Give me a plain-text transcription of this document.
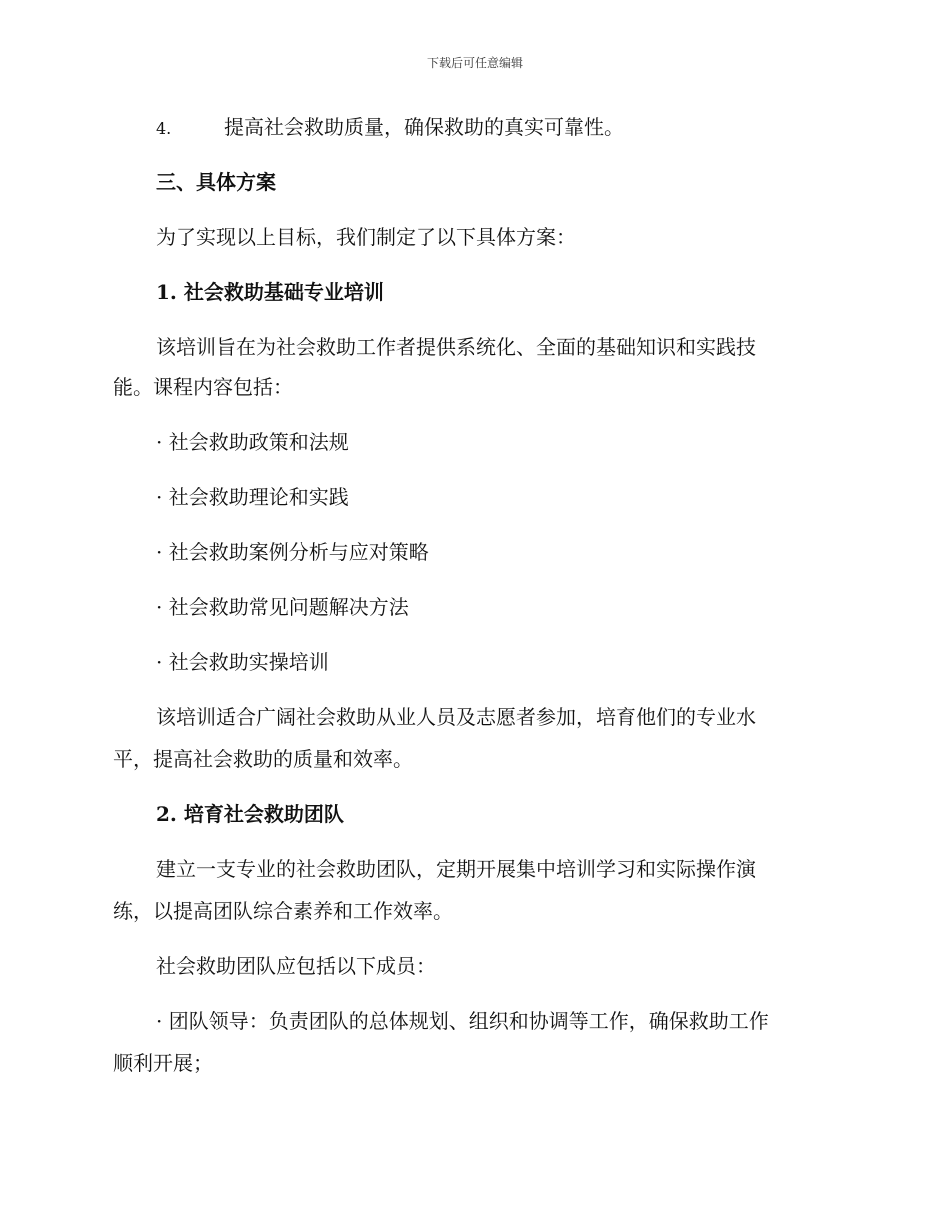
下载后可任意编辑
4.	提高社会救助质量，确保救助的真实可靠性。
三、具体方案
为了实现以上目标，我们制定了以下具体方案：
1. 社会救助基础专业培训
该培训旨在为社会救助工作者提供系统化、全面的基础知识和实践技
能。课程内容包括：
· 社会救助政策和法规
· 社会救助理论和实践
· 社会救助案例分析与应对策略
· 社会救助常见问题解决方法
· 社会救助实操培训
该培训适合广阔社会救助从业人员及志愿者参加，培育他们的专业水
平，提高社会救助的质量和效率。
2. 培育社会救助团队
建立一支专业的社会救助团队，定期开展集中培训学习和实际操作演
练，以提高团队综合素养和工作效率。
社会救助团队应包括以下成员：
· 团队领导：负责团队的总体规划、组织和协调等工作，确保救助工作
顺利开展；
